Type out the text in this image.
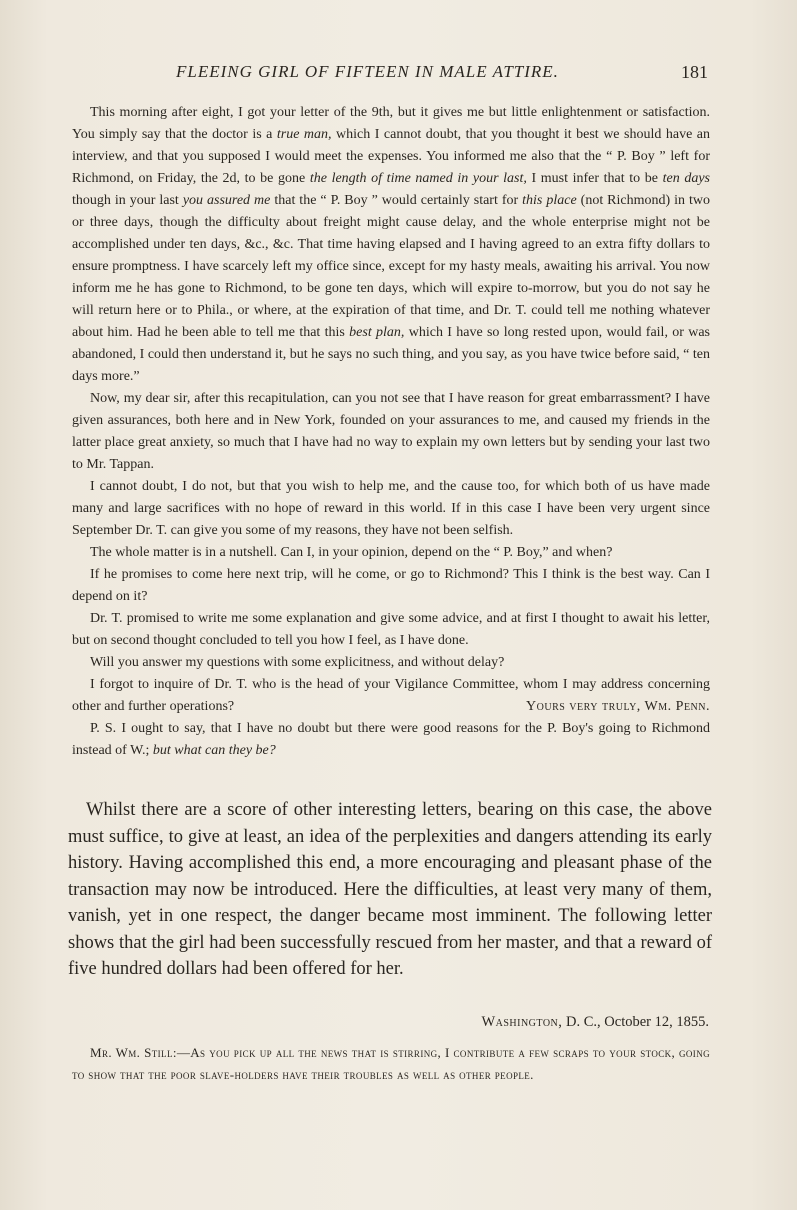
FLEEING GIRL OF FIFTEEN IN MALE ATTIRE.	181

This morning after eight, I got your letter of the 9th, but it gives me but little enlightenment or satisfaction. You simply say that the doctor is a true man, which I cannot doubt, that you thought it best we should have an interview, and that you supposed I would meet the expenses. You informed me also that the “ P. Boy ” left for Richmond, on Friday, the 2d, to be gone the length of time named in your last, I must infer that to be ten days though in your last you assured me that the “ P. Boy ” would certainly start for this place (not Richmond) in two or three days, though the difficulty about freight might cause delay, and the whole enterprise might not be accomplished under ten days, &c., &c. That time having elapsed and I having agreed to an extra fifty dollars to ensure promptness. I have scarcely left my office since, except for my hasty meals, awaiting his arrival. You now inform me he has gone to Richmond, to be gone ten days, which will expire to-morrow, but you do not say he will return here or to Phila., or where, at the expiration of that time, and Dr. T. could tell me nothing whatever about him. Had he been able to tell me that this best plan, which I have so long rested upon, would fail, or was abandoned, I could then understand it, but he says no such thing, and you say, as you have twice before said, “ ten days more.”

Now, my dear sir, after this recapitulation, can you not see that I have reason for great embarrassment? I have given assurances, both here and in New York, founded on your assurances to me, and caused my friends in the latter place great anxiety, so much that I have had no way to explain my own letters but by sending your last two to Mr. Tappan.

I cannot doubt, I do not, but that you wish to help me, and the cause too, for which both of us have made many and large sacrifices with no hope of reward in this world. If in this case I have been very urgent since September Dr. T. can give you some of my reasons, they have not been selfish.

The whole matter is in a nutshell. Can I, in your opinion, depend on the “ P. Boy,” and when?

If he promises to come here next trip, will he come, or go to Richmond? This I think is the best way. Can I depend on it?

Dr. T. promised to write me some explanation and give some advice, and at first I thought to await his letter, but on second thought concluded to tell you how I feel, as I have done.

Will you answer my questions with some explicitness, and without delay?

I forgot to inquire of Dr. T. who is the head of your Vigilance Committee, whom I may address concerning other and further operations?	Yours very truly, Wm. Penn.

P. S. I ought to say, that I have no doubt but there were good reasons for the P. Boy's going to Richmond instead of W.; but what can they be?

Whilst there are a score of other interesting letters, bearing on this case, the above must suffice, to give at least, an idea of the perplexities and dangers attending its early history. Having accomplished this end, a more encouraging and pleasant phase of the transaction may now be introduced. Here the difficulties, at least very many of them, vanish, yet in one respect, the danger became most imminent. The following letter shows that the girl had been successfully rescued from her master, and that a reward of five hundred dollars had been offered for her.

Washington, D. C., October 12, 1855.

Mr. Wm. Still:—As you pick up all the news that is stirring, I contribute a few scraps to your stock, going to show that the poor slave-holders have their troubles as well as other people.
